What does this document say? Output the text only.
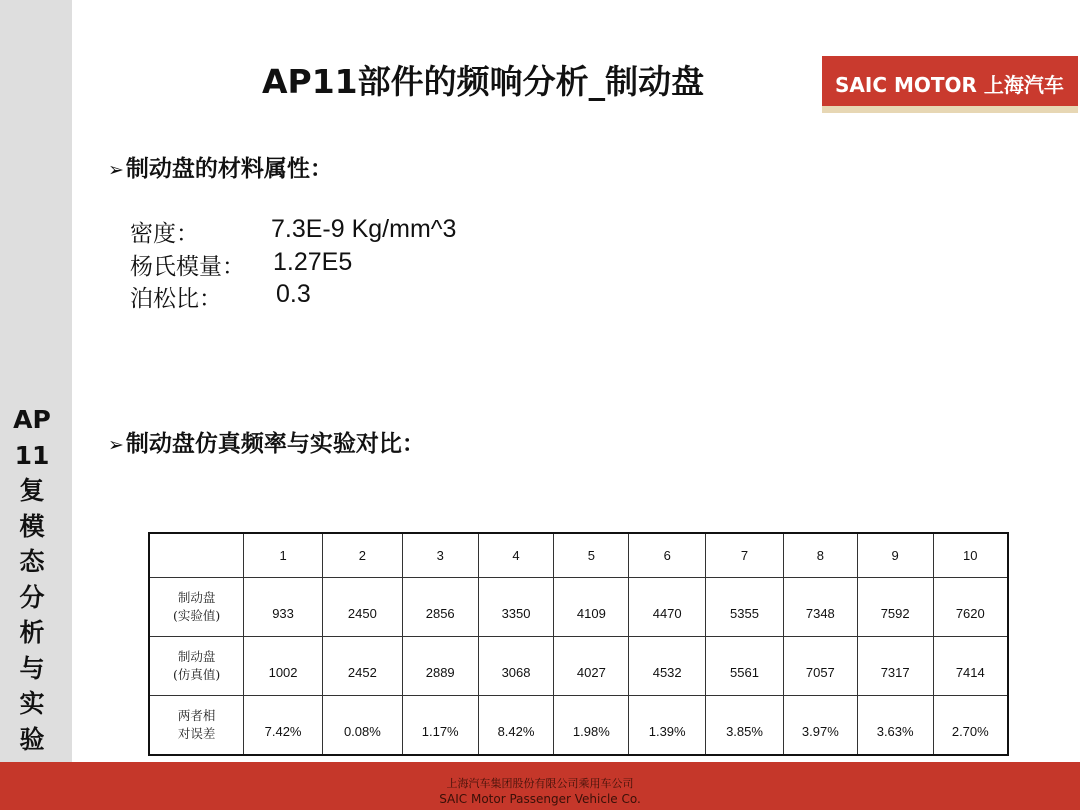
AP
11
复
模
态
分
析
与
实
验
AP11部件的频响分析_制动盘	SAIC MOTOR 上海汽车
➢制动盘的材料属性：
密度：	7.3E-9 Kg/mm^3
杨氏模量： 1.27E5
泊松比： 0.3
➢制动盘仿真频率与实验对比：
	1	2	3	4	5	6	7	8	9	10

制动盘
(实验值)	933	2450	2856	3350	4109	4470	5355	7348	7592	7620

制动盘
(仿真值)	1002	2452	2889	3068	4027	4532	5561	7057	7317	7414

两者相
对误差	7.42%	0.08%	1.17%	8.42%	1.98%	1.39%	3.85%	3.97%	3.63%	2.70%
上海汽车集团股份有限公司乘用车公司
SAIC Motor Passenger Vehicle Co.
